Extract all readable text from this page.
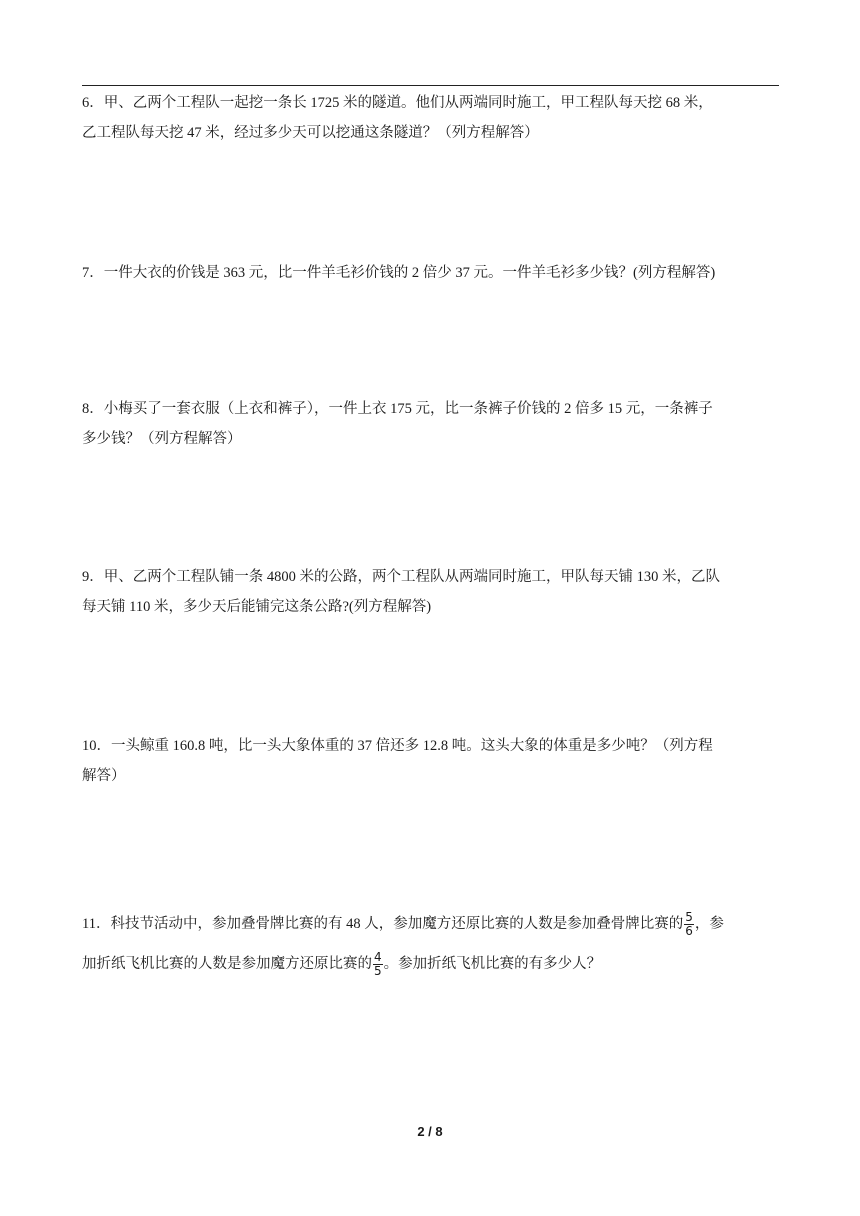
6．甲、乙两个工程队一起挖一条长 1725 米的隧道。他们从两端同时施工，甲工程队每天挖 68 米，

乙工程队每天挖 47 米，经过多少天可以挖通这条隧道？（列方程解答）

7．一件大衣的价钱是 363 元，比一件羊毛衫价钱的 2 倍少 37 元。一件羊毛衫多少钱？(列方程解答)

8．小梅买了一套衣服（上衣和裤子），一件上衣 175 元，比一条裤子价钱的 2 倍多 15 元，一条裤子

多少钱？（列方程解答）

9．甲、乙两个工程队铺一条 4800 米的公路，两个工程队从两端同时施工，甲队每天铺 130 米，乙队

每天铺 110 米，多少天后能铺完这条公路?(列方程解答)

10．一头鲸重 160.8 吨，比一头大象体重的 37 倍还多 12.8 吨。这头大象的体重是多少吨？（列方程

解答）

11．科技节活动中，参加叠骨牌比赛的有 48 人，参加魔方还原比赛的人数是参加叠骨牌比赛的 $\frac{5}{6}$ ，参

加折纸飞机比赛的人数是参加魔方还原比赛的 $\frac{4}{5}$ 。参加折纸飞机比赛的有多少人？

2 / 8
